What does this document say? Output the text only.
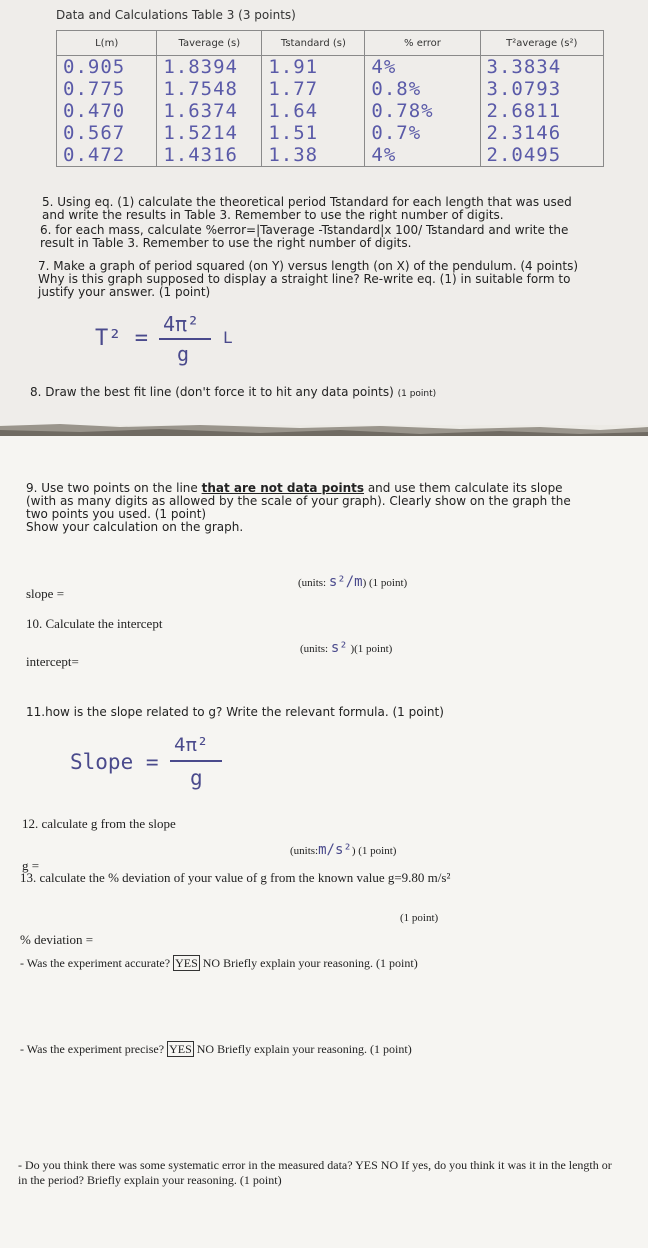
Data and Calculations Table 3 (3 points)
L(m)	Taverage (s)	Tstandard (s)	% error	T²average (s²)
0.905	1.8394	1.91	4%	3.3834
0.775	1.7548	1.77	0.8%	3.0793
0.470	1.6374	1.64	0.78%	2.6811
0.567	1.5214	1.51	0.7%	2.3146
0.472	1.4316	1.38	4%	2.0495
5. Using eq. (1) calculate the theoretical period Tstandard for each length that was used and write the results in Table 3. Remember to use the right number of digits.
6. for each mass, calculate %error=|Taverage -Tstandard|x 100/ Tstandard and write the result in Table 3. Remember to use the right number of digits.
7. Make a graph of period squared (on Y) versus length (on X) of the pendulum. (4 points) Why is this graph supposed to display a straight line? Re-write eq. (1) in suitable form to justify your answer. (1 point)
T² =
4π²
g
L
8. Draw the best fit line (don't force it to hit any data points) (1 point)
9. Use two points on the line that are not data points and use them calculate its slope (with as many digits as allowed by the scale of your graph). Clearly show on the graph the two points you used. (1 point)
Show your calculation on the graph.
slope =
(units: s²/m) (1 point)
10. Calculate the intercept
intercept=
(units: s² )(1 point)
11.how is the slope related to g? Write the relevant formula. (1 point)
Slope =
4π²
g
12. calculate g from the slope
g =
(units:m/s²) (1 point)
13. calculate the % deviation of your value of g from the known value g=9.80 m/s²
(1 point)
% deviation =
- Was the experiment accurate? YES NO Briefly explain your reasoning. (1 point)
- Was the experiment precise? YES NO Briefly explain your reasoning. (1 point)
- Do you think there was some systematic error in the measured data? YES NO If yes, do you think it was it in the length or in the period? Briefly explain your reasoning. (1 point)
